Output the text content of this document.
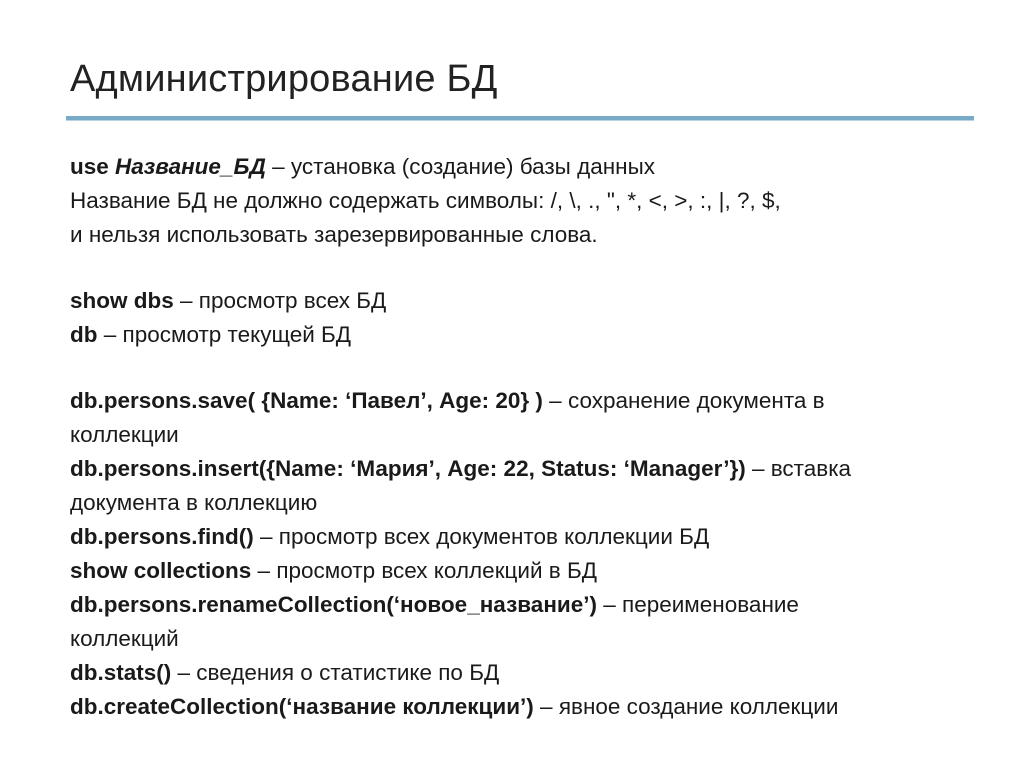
Администрирование БД
use Название_БД – установка (создание) базы данных
Название БД не должно содержать символы: /, \, ., ", *, <, >, :, |, ?, $,
и нельзя использовать зарезервированные слова.
show dbs – просмотр всех БД
db – просмотр текущей БД
db.persons.save( {Name: ‘Павел’, Age: 20} ) – сохранение документа в
коллекции
db.persons.insert({Name: ‘Мария’, Age: 22, Status: ‘Manager’}) – вставка
документа в коллекцию
db.persons.find() – просмотр всех документов коллекции БД
show collections – просмотр всех коллекций в БД
db.persons.renameCollection(‘новое_название’) – переименование
коллекций
db.stats() – сведения о статистике по БД
db.createCollection(‘название коллекции’) – явное создание коллекции
